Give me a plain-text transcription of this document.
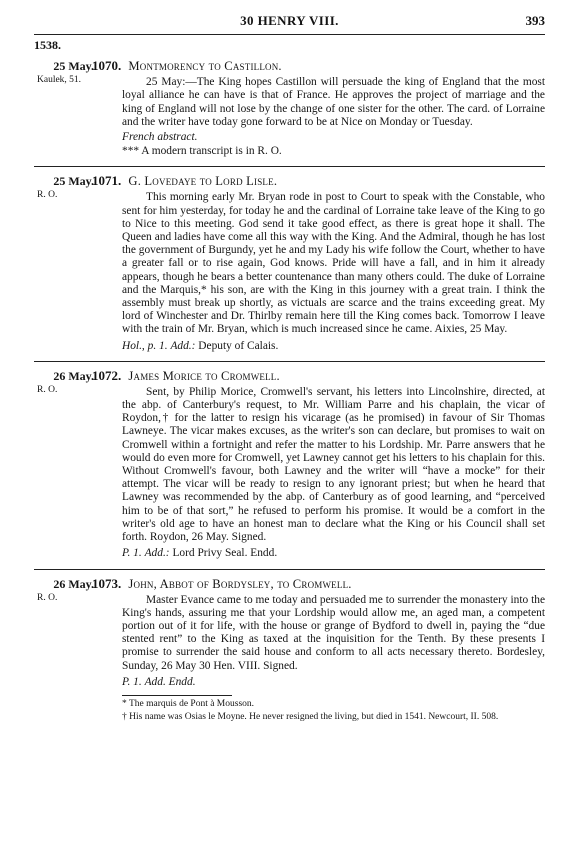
30 HENRY VIII.	393
1538.
25 May.
Kaulek, 51.
1070. Montmorency to Castillon.
25 May:—The King hopes Castillon will persuade the king of England that the most loyal alliance he can have is that of France. He approves the project of marriage and the king of England will not lose by the change of one sister for the other. The card. of Lorraine and the writer have today gone forward to be at Nice on Monday or Tuesday.
French abstract.
*** A modern transcript is in R. O.
25 May.
R. O.
1071. G. Lovedaye to Lord Lisle.
This morning early Mr. Bryan rode in post to Court to speak with the Constable, who sent for him yesterday, for today he and the cardinal of Lorraine take leave of the King to go to Nice to this meeting. God send it take good effect, as there is great hope it shall. The Queen and ladies have come all this way with the King. And the Admiral, though he has lost the government of Burgundy, yet he and my Lady his wife follow the Court, whether to have a greater fall or to rise again, God knows. Pride will have a fall, and in him it already appears, though he bears a better countenance than many others could. The duke of Lorraine and the Marquis,* his son, are with the King in this journey with a great train. I think the assembly must break up shortly, as victuals are scarce and the trains exceeding great. My lord of Winchester and Dr. Thirlby remain here till the King comes back. Tomorrow I leave with the train of Mr. Bryan, which is much increased since he came. Aixies, 25 May.
Hol., p. 1. Add.: Deputy of Calais.
26 May.
R. O.
1072. James Morice to Cromwell.
Sent, by Philip Morice, Cromwell's servant, his letters into Lincolnshire, directed, at the abp. of Canterbury's request, to Mr. William Parre and his chaplain, the vicar of Roydon,† for the latter to resign his vicarage (as he promised) in favour of Sir Thomas Lawneye. The vicar makes excuses, as the writer's son can declare, but promises to wait on Cromwell within a fortnight and refer the matter to his Lordship. Mr. Parre answers that he would do even more for Cromwell, yet Lawney cannot get his letters to his chaplain for this. Without Cromwell's favour, both Lawney and the writer will “have a mocke” for their attempt. The vicar will be ready to resign to any ignorant priest; but when he heard that Lawney was recommended by the abp. of Canterbury as of good learning, and “perceived him to be of that sort,” he refused to perform his promise. It would be a comfort in the writer's old age to have an honest man to declare what the King or his Council shall set forth. Roydon, 26 May. Signed.
P. 1. Add.: Lord Privy Seal. Endd.
26 May.
R. O.
1073. John, Abbot of Bordysley, to Cromwell.
Master Evance came to me today and persuaded me to surrender the monastery into the King's hands, assuring me that your Lordship would allow me, an aged man, a competent portion out of it for life, with the house or grange of Bydford to dwell in, paying the “due stented rent” to the King as taxed at the inquisition for the Tenth. By these presents I promise to surrender the said house and conform to all acts necessary thereto. Bordesley, Sunday, 26 May 30 Hen. VIII. Signed.
P. 1. Add. Endd.
* The marquis de Pont à Mousson.
† His name was Osias le Moyne. He never resigned the living, but died in 1541. Newcourt, II. 508.
